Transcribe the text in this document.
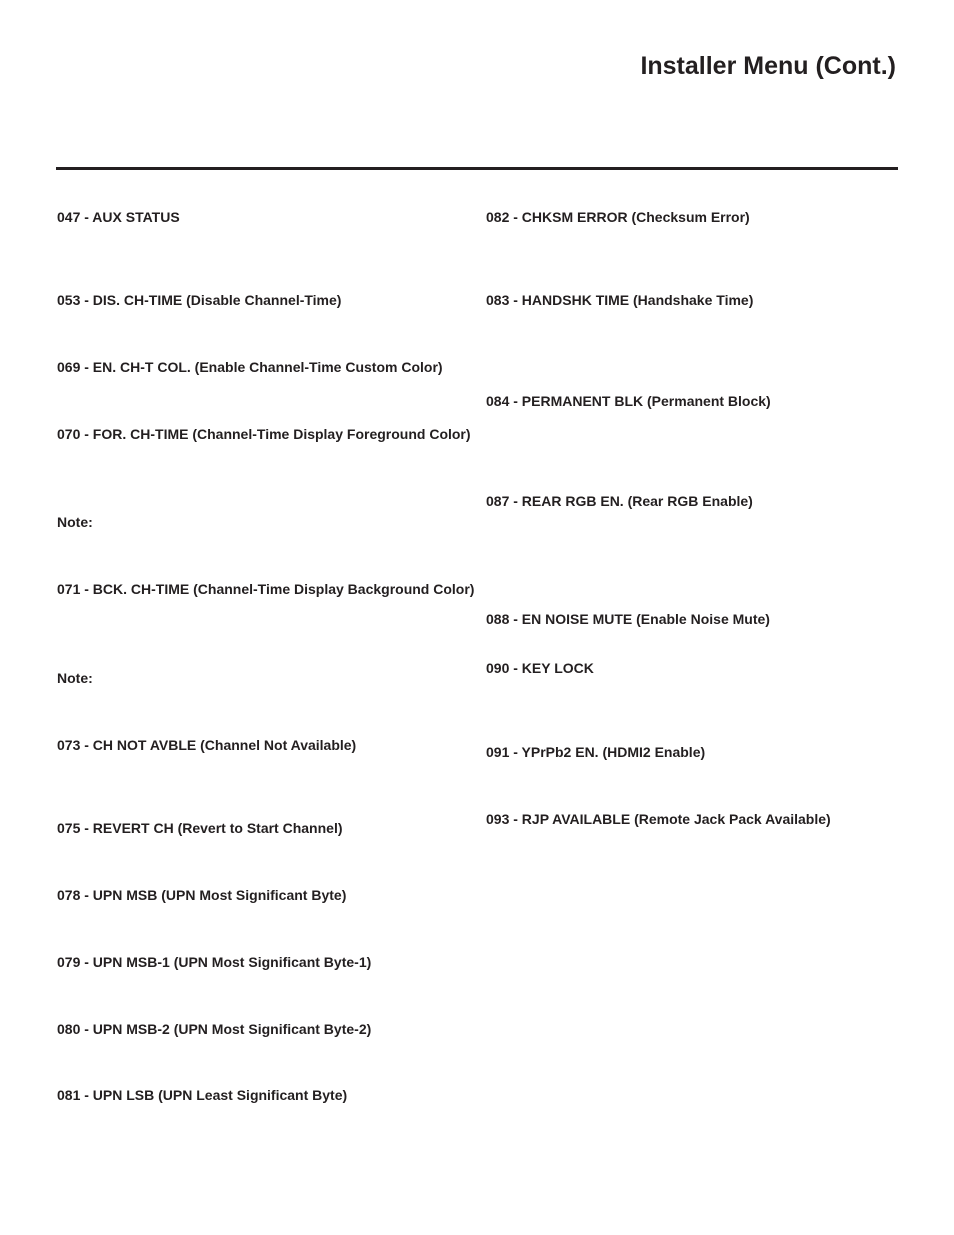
Installer Menu (Cont.)
047 - AUX STATUS
053 - DIS. CH-TIME (Disable Channel-Time)
069 - EN. CH-T COL. (Enable Channel-Time Custom Color)
070 - FOR. CH-TIME (Channel-Time Display Foreground Color)
Note:
071 - BCK. CH-TIME (Channel-Time Display Background Color)
Note:
073 - CH NOT AVBLE (Channel Not Available)
075 - REVERT CH (Revert to Start Channel)
078 - UPN MSB (UPN Most Significant Byte)
079 - UPN MSB-1 (UPN Most Significant Byte-1)
080 - UPN MSB-2 (UPN Most Significant Byte-2)
081 - UPN LSB (UPN Least Significant Byte)
082 - CHKSM ERROR (Checksum Error)
083 - HANDSHK TIME (Handshake Time)
084 - PERMANENT BLK (Permanent Block)
087 - REAR RGB EN. (Rear RGB Enable)
088 - EN NOISE MUTE (Enable Noise Mute)
090 - KEY LOCK
091 - YPrPb2 EN. (HDMI2 Enable)
093 - RJP AVAILABLE (Remote Jack Pack Available)
